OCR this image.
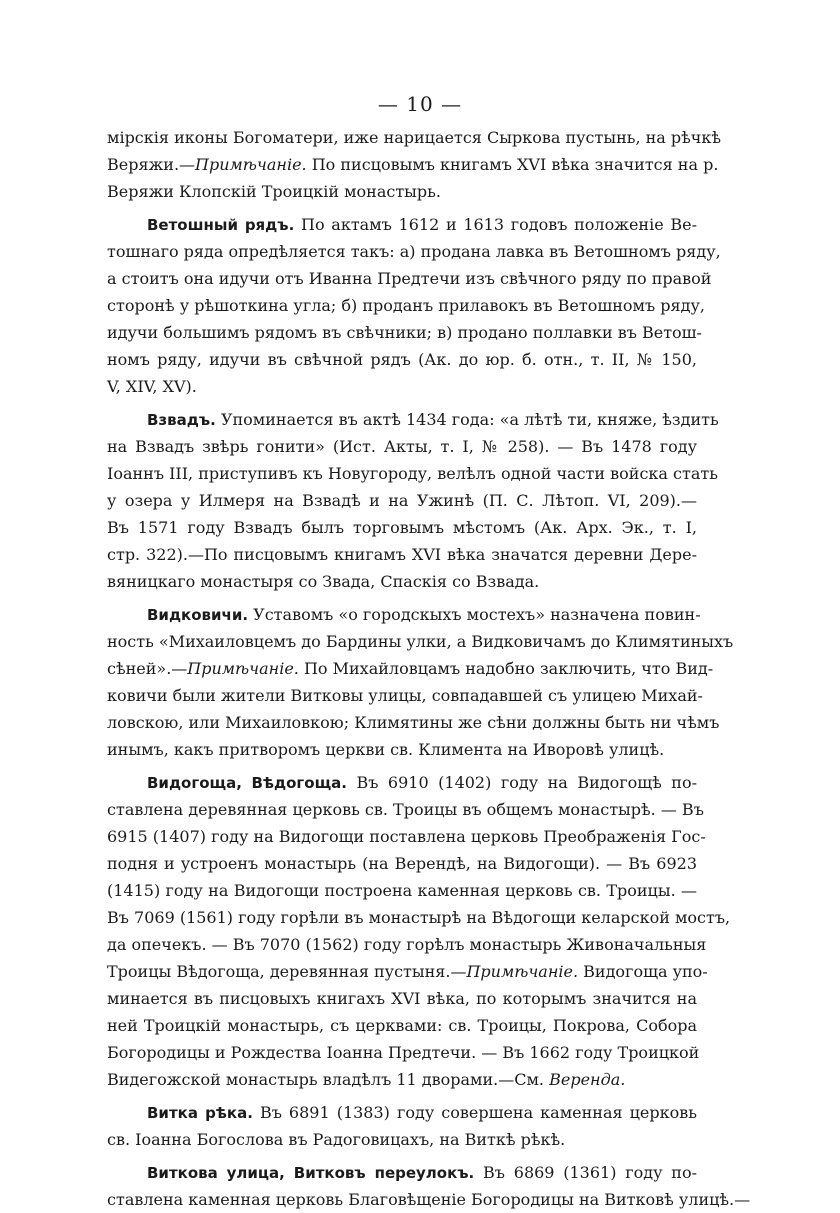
— 10 —
мірскія иконы Богоматери, иже нарицается Сыркова пустынь, на рѣчкѣ
Веряжи.—Примѣчаніе. По писцовымъ книгамъ XVI вѣка значится на р.
Веряжи Клопскій Троицкій монастырь.
Ветошный рядъ. По актамъ 1612 и 1613 годовъ положеніе Ве-
тошнаго ряда опредѣляется такъ: а) продана лавка въ Ветошномъ ряду,
а стоитъ она идучи отъ Иванна Предтечи изъ свѣчного ряду по правой
сторонѣ у рѣшоткина угла; б) проданъ прилавокъ въ Ветошномъ ряду,
идучи большимъ рядомъ въ свѣчники; в) продано поллавки въ Ветош-
номъ ряду, идучи въ свѣчной рядъ (Ак. до юр. б. отн., т. II, № 150,
V, XIV, XV).
Взвадъ. Упоминается въ актѣ 1434 года: «а лѣтѣ ти, княже, ѣздить
на Взвадъ звѣрь гонити» (Ист. Акты, т. I, № 258). — Въ 1478 году
Іоаннъ III, приступивъ къ Новугороду, велѣлъ одной части войска стать
у озера у Илмеря на Взвадѣ и на Ужинѣ (П. С. Лѣтоп. VI, 209).—
Въ 1571 году Взвадъ былъ торговымъ мѣстомъ (Ак. Арх. Эк., т. I,
стр. 322).—По писцовымъ книгамъ XVI вѣка значатся деревни Дере-
вяницкаго монастыря со Звада, Спаскія со Взвада.
Видковичи. Уставомъ «о городскыхъ мостехъ» назначена повин-
ность «Михаиловцемъ до Бардины улки, а Видковичамъ до Климятиныхъ
сѣней».—Примѣчаніе. По Михайловцамъ надобно заключить, что Вид-
ковичи были жители Витковы улицы, совпадавшей съ улицею Михай-
ловскою, или Михаиловкою; Климятины же сѣни должны быть ни чѣмъ
инымъ, какъ притворомъ церкви св. Климента на Иворовѣ улицѣ.
Видогоща, Вѣдогоща. Въ 6910 (1402) году на Видогощѣ по-
ставлена деревянная церковь св. Троицы въ общемъ монастырѣ. — Въ
6915 (1407) году на Видогощи поставлена церковь Преображенія Гос-
подня и устроенъ монастырь (на Верендѣ, на Видогощи). — Въ 6923
(1415) году на Видогощи построена каменная церковь св. Троицы. —
Въ 7069 (1561) году горѣли въ монастырѣ на Вѣдогощи келарской мостъ,
да опечекъ. — Въ 7070 (1562) году горѣлъ монастырь Живоначальныя
Троицы Вѣдогоща, деревянная пустыня.—Примѣчаніе. Видогоща упо-
минается въ писцовыхъ книгахъ XVI вѣка, по которымъ значится на
ней Троицкій монастырь, съ церквами: св. Троицы, Покрова, Собора
Богородицы и Рождества Іоанна Предтечи. — Въ 1662 году Троицкой
Видегожской монастырь владѣлъ 11 дворами.—См. Веренда.
Витка рѣка. Въ 6891 (1383) году совершена каменная церковь
св. Іоанна Богослова въ Радоговицахъ, на Виткѣ рѣкѣ.
Виткова улица, Витковъ переулокъ. Въ 6869 (1361) году по-
ставлена каменная церковь Благовѣщеніе Богородицы на Витковѣ улицѣ.—
